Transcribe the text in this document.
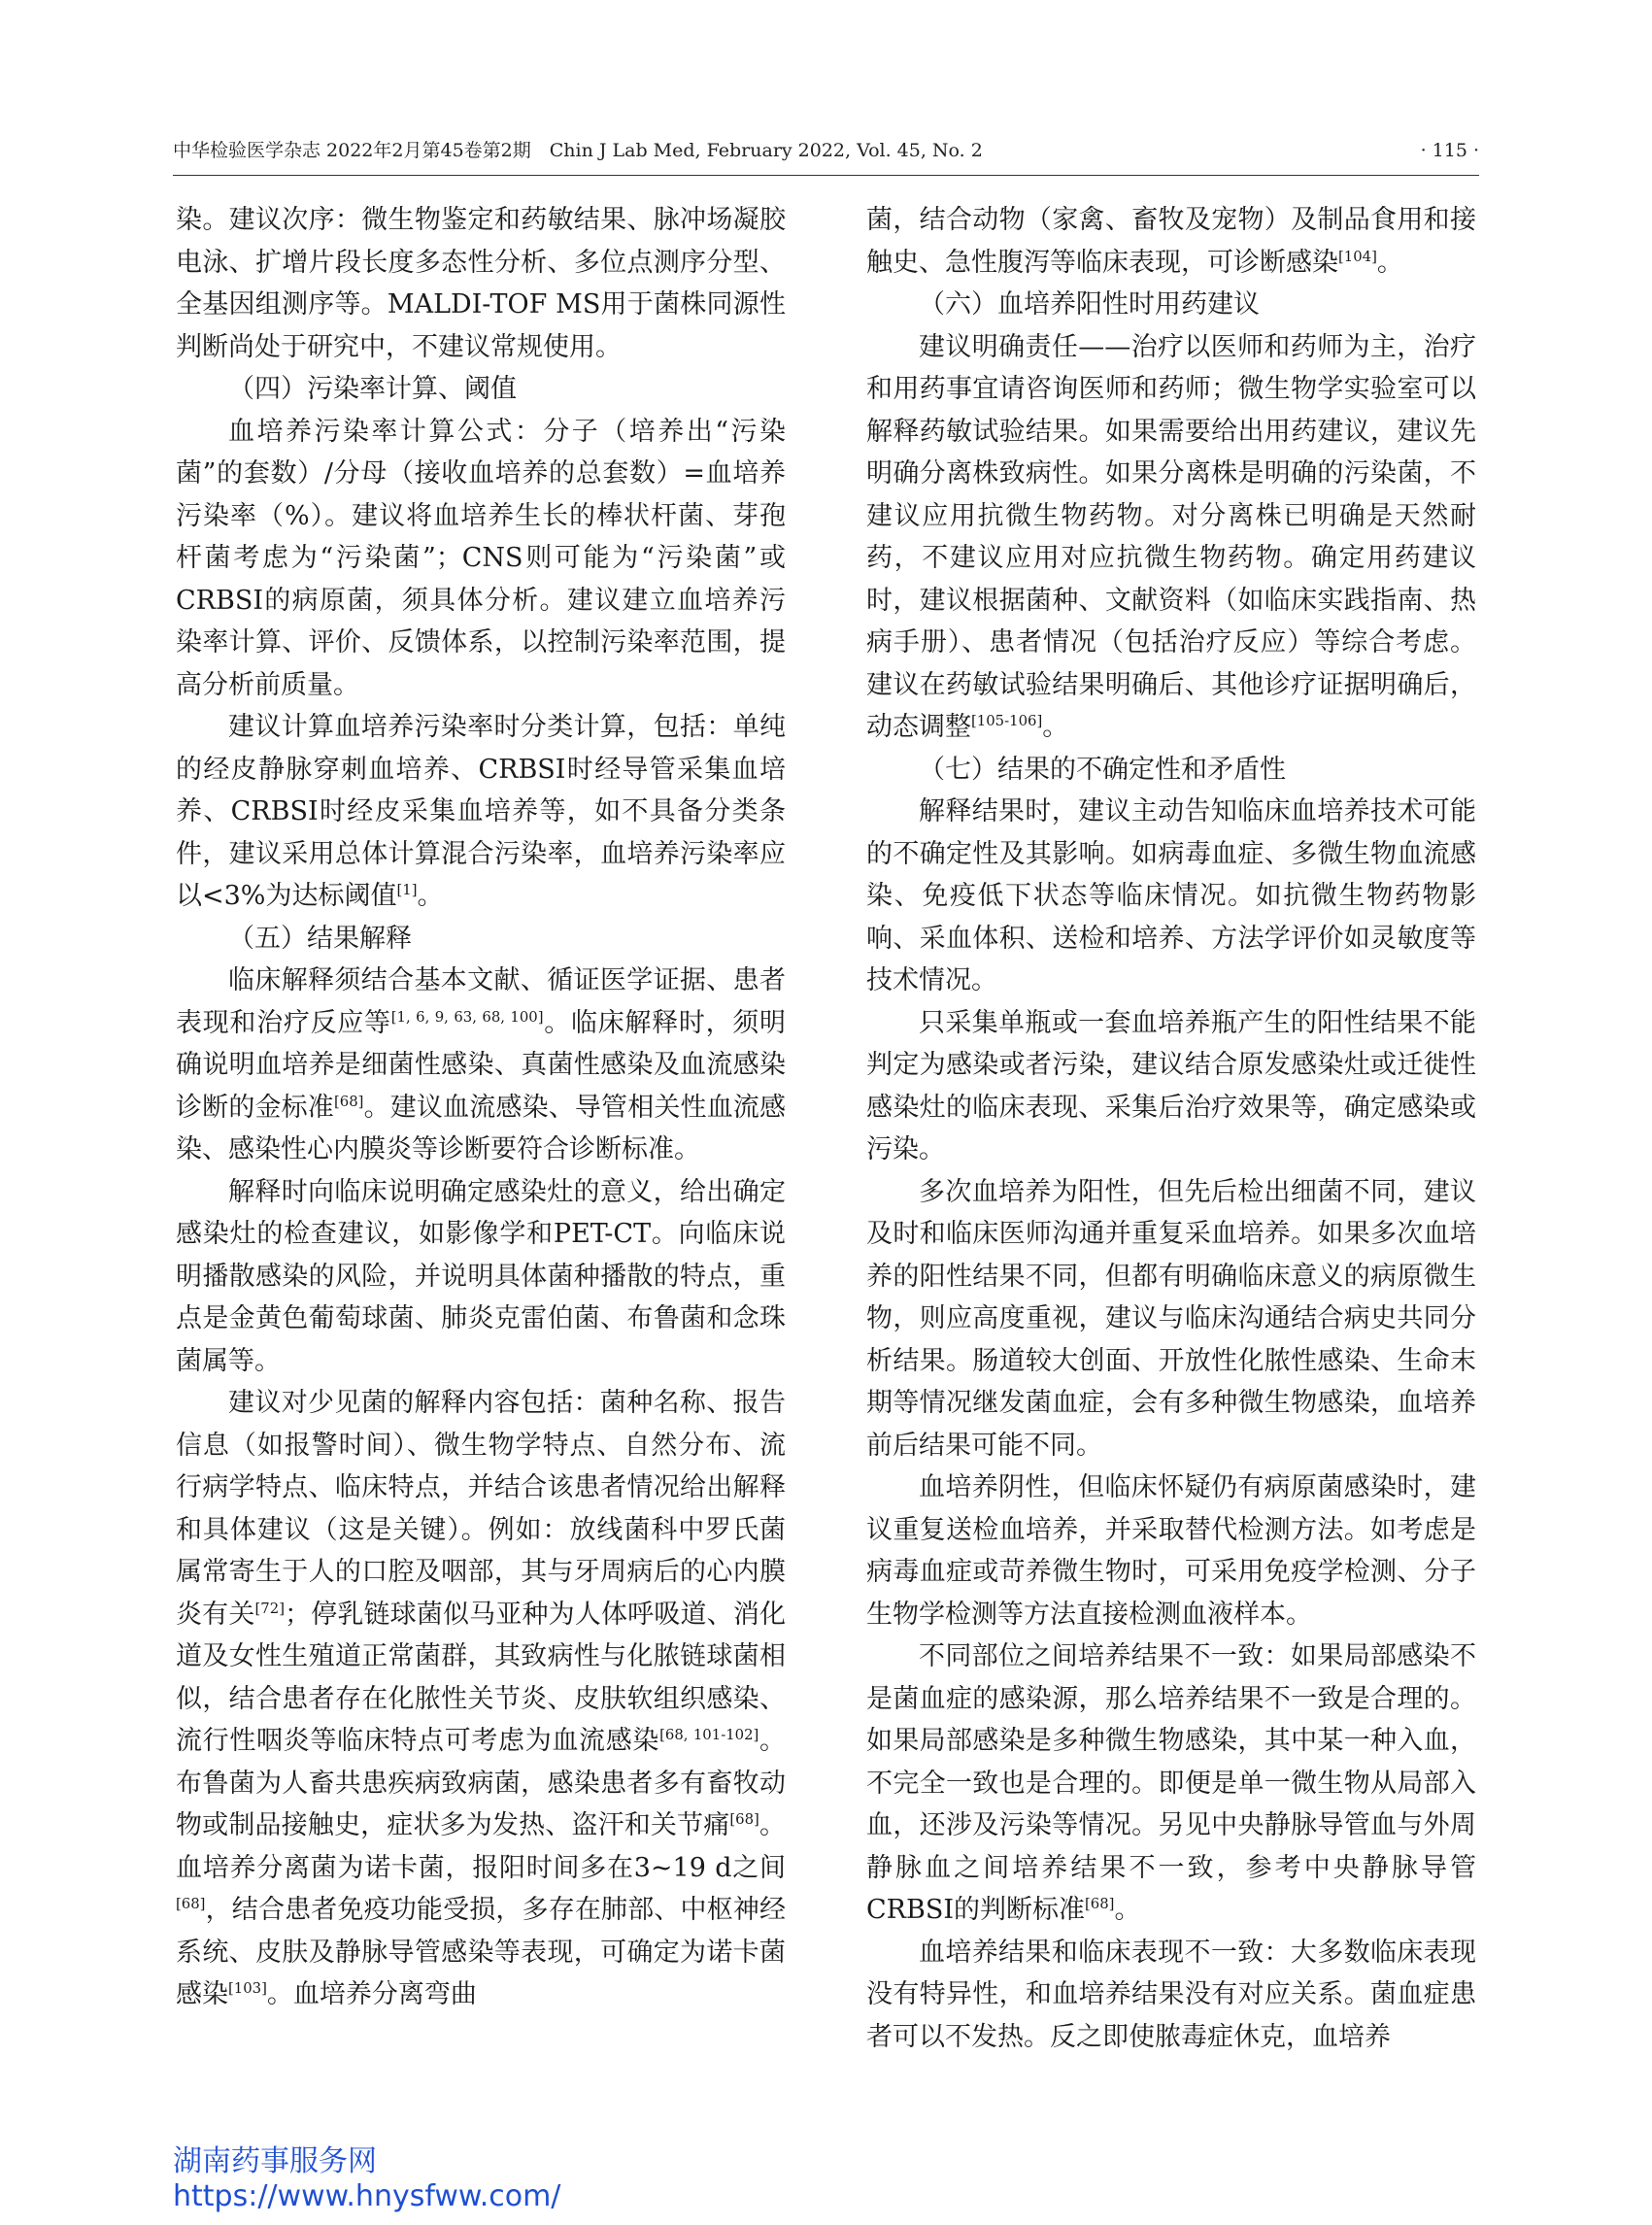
中华检验医学杂志 2022年2月第45卷第2期　Chin J Lab Med, February 2022, Vol. 45, No. 2	· 115 ·

染。建议次序：微生物鉴定和药敏结果、脉冲场凝胶电泳、扩增片段长度多态性分析、多位点测序分型、全基因组测序等。MALDI-TOF MS用于菌株同源性判断尚处于研究中，不建议常规使用。

（四）污染率计算、阈值

血培养污染率计算公式：分子（培养出“污染菌”的套数）/分母（接收血培养的总套数）=血培养污染率（%）。建议将血培养生长的棒状杆菌、芽孢杆菌考虑为“污染菌”；CNS则可能为“污染菌”或CRBSI的病原菌，须具体分析。建议建立血培养污染率计算、评价、反馈体系，以控制污染率范围，提高分析前质量。

建议计算血培养污染率时分类计算，包括：单纯的经皮静脉穿刺血培养、CRBSI时经导管采集血培养、CRBSI时经皮采集血培养等，如不具备分类条件，建议采用总体计算混合污染率，血培养污染率应以<3%为达标阈值[1]。

（五）结果解释

临床解释须结合基本文献、循证医学证据、患者表现和治疗反应等[1, 6, 9, 63, 68, 100]。临床解释时，须明确说明血培养是细菌性感染、真菌性感染及血流感染诊断的金标准[68]。建议血流感染、导管相关性血流感染、感染性心内膜炎等诊断要符合诊断标准。

解释时向临床说明确定感染灶的意义，给出确定感染灶的检查建议，如影像学和PET-CT。向临床说明播散感染的风险，并说明具体菌种播散的特点，重点是金黄色葡萄球菌、肺炎克雷伯菌、布鲁菌和念珠菌属等。

建议对少见菌的解释内容包括：菌种名称、报告信息（如报警时间）、微生物学特点、自然分布、流行病学特点、临床特点，并结合该患者情况给出解释和具体建议（这是关键）。例如：放线菌科中罗氏菌属常寄生于人的口腔及咽部，其与牙周病后的心内膜炎有关[72]；停乳链球菌似马亚种为人体呼吸道、消化道及女性生殖道正常菌群，其致病性与化脓链球菌相似，结合患者存在化脓性关节炎、皮肤软组织感染、流行性咽炎等临床特点可考虑为血流感染[68, 101-102]。布鲁菌为人畜共患疾病致病菌，感染患者多有畜牧动物或制品接触史，症状多为发热、盗汗和关节痛[68]。血培养分离菌为诺卡菌，报阳时间多在3~19 d之间[68]，结合患者免疫功能受损，多存在肺部、中枢神经系统、皮肤及静脉导管感染等表现，可确定为诺卡菌感染[103]。血培养分离弯曲

菌，结合动物（家禽、畜牧及宠物）及制品食用和接触史、急性腹泻等临床表现，可诊断感染[104]。

（六）血培养阳性时用药建议

建议明确责任——治疗以医师和药师为主，治疗和用药事宜请咨询医师和药师；微生物学实验室可以解释药敏试验结果。如果需要给出用药建议，建议先明确分离株致病性。如果分离株是明确的污染菌，不建议应用抗微生物药物。对分离株已明确是天然耐药，不建议应用对应抗微生物药物。确定用药建议时，建议根据菌种、文献资料（如临床实践指南、热病手册）、患者情况（包括治疗反应）等综合考虑。建议在药敏试验结果明确后、其他诊疗证据明确后，动态调整[105-106]。

（七）结果的不确定性和矛盾性

解释结果时，建议主动告知临床血培养技术可能的不确定性及其影响。如病毒血症、多微生物血流感染、免疫低下状态等临床情况。如抗微生物药物影响、采血体积、送检和培养、方法学评价如灵敏度等技术情况。

只采集单瓶或一套血培养瓶产生的阳性结果不能判定为感染或者污染，建议结合原发感染灶或迁徙性感染灶的临床表现、采集后治疗效果等，确定感染或污染。

多次血培养为阳性，但先后检出细菌不同，建议及时和临床医师沟通并重复采血培养。如果多次血培养的阳性结果不同，但都有明确临床意义的病原微生物，则应高度重视，建议与临床沟通结合病史共同分析结果。肠道较大创面、开放性化脓性感染、生命末期等情况继发菌血症，会有多种微生物感染，血培养前后结果可能不同。

血培养阴性，但临床怀疑仍有病原菌感染时，建议重复送检血培养，并采取替代检测方法。如考虑是病毒血症或苛养微生物时，可采用免疫学检测、分子生物学检测等方法直接检测血液样本。

不同部位之间培养结果不一致：如果局部感染不是菌血症的感染源，那么培养结果不一致是合理的。如果局部感染是多种微生物感染，其中某一种入血，不完全一致也是合理的。即便是单一微生物从局部入血，还涉及污染等情况。另见中央静脉导管血与外周静脉血之间培养结果不一致，参考中央静脉导管CRBSI的判断标准[68]。

血培养结果和临床表现不一致：大多数临床表现没有特异性，和血培养结果没有对应关系。菌血症患者可以不发热。反之即使脓毒症休克，血培养

湖南药事服务网
https://www.hnysfww.com/
